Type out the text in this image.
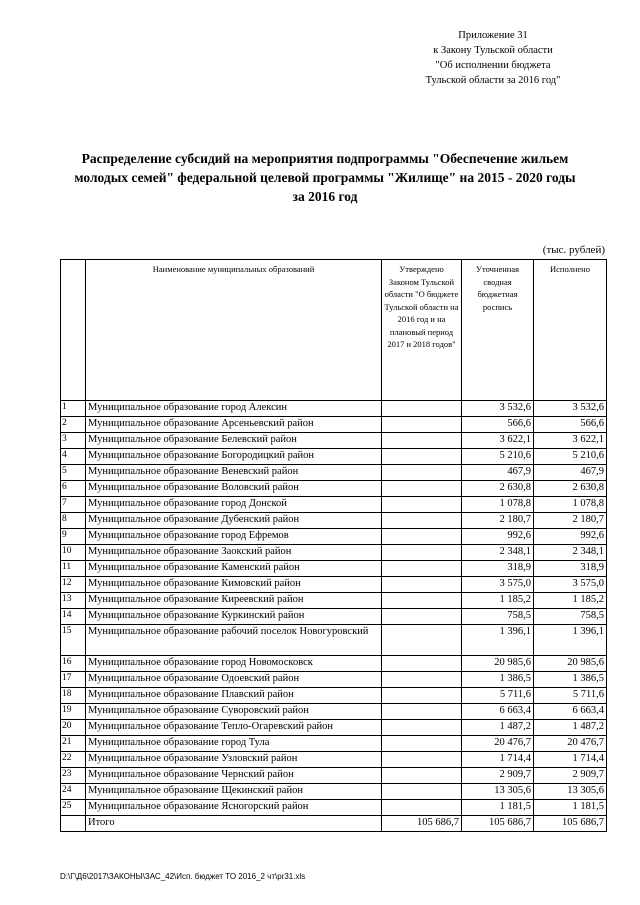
Приложение 31
к Закону Тульской области
"Об исполнении бюджета
Тульской области за 2016 год"
Распределение субсидий на мероприятия подпрограммы "Обеспечение жильем
молодых семей" федеральной целевой программы "Жилище" на 2015 - 2020 годы
за 2016 год
(тыс. рублей)
	Наименование муниципальных образований	Утверждено Законом Тульской области "О бюджете Тульской области на 2016 год и на плановый период 2017 и 2018 годов"	Уточненная сводная бюджетная роспись	Исполнено
1	Муниципальное образование город Алексин		3 532,6	3 532,6
2	Муниципальное образование Арсеньевский район		566,6	566,6
3	Муниципальное образование Белевский район		3 622,1	3 622,1
4	Муниципальное образование Богородицкий район		5 210,6	5 210,6
5	Муниципальное образование Веневский район		467,9	467,9
6	Муниципальное образование Воловский район		2 630,8	2 630,8
7	Муниципальное образование город Донской		1 078,8	1 078,8
8	Муниципальное образование Дубенский район		2 180,7	2 180,7
9	Муниципальное образование город Ефремов		992,6	992,6
10	Муниципальное образование Заокский район		2 348,1	2 348,1
11	Муниципальное образование Каменский район		318,9	318,9
12	Муниципальное образование Кимовский район		3 575,0	3 575,0
13	Муниципальное образование Киреевский район		1 185,2	1 185,2
14	Муниципальное образование Куркинский район		758,5	758,5
15	Муниципальное образование рабочий поселок Новогуровский		1 396,1	1 396,1
16	Муниципальное образование город Новомосковск		20 985,6	20 985,6
17	Муниципальное образование Одоевский район		1 386,5	1 386,5
18	Муниципальное образование Плавский район		5 711,6	5 711,6
19	Муниципальное образование Суворовский район		6 663,4	6 663,4
20	Муниципальное образование Тепло-Огаревский район		1 487,2	1 487,2
21	Муниципальное образование город Тула		20 476,7	20 476,7
22	Муниципальное образование Узловский район		1 714,4	1 714,4
23	Муниципальное образование Чернский район		2 909,7	2 909,7
24	Муниципальное образование Щекинский район		13 305,6	13 305,6
25	Муниципальное образование Ясногорский район		1 181,5	1 181,5
	Итого	105 686,7	105 686,7	105 686,7
D:\Г\Д6\2017\ЗАКОНЫ\ЗАС_42\Исп. бюджет ТО 2016_2 чт\pr31.xls
